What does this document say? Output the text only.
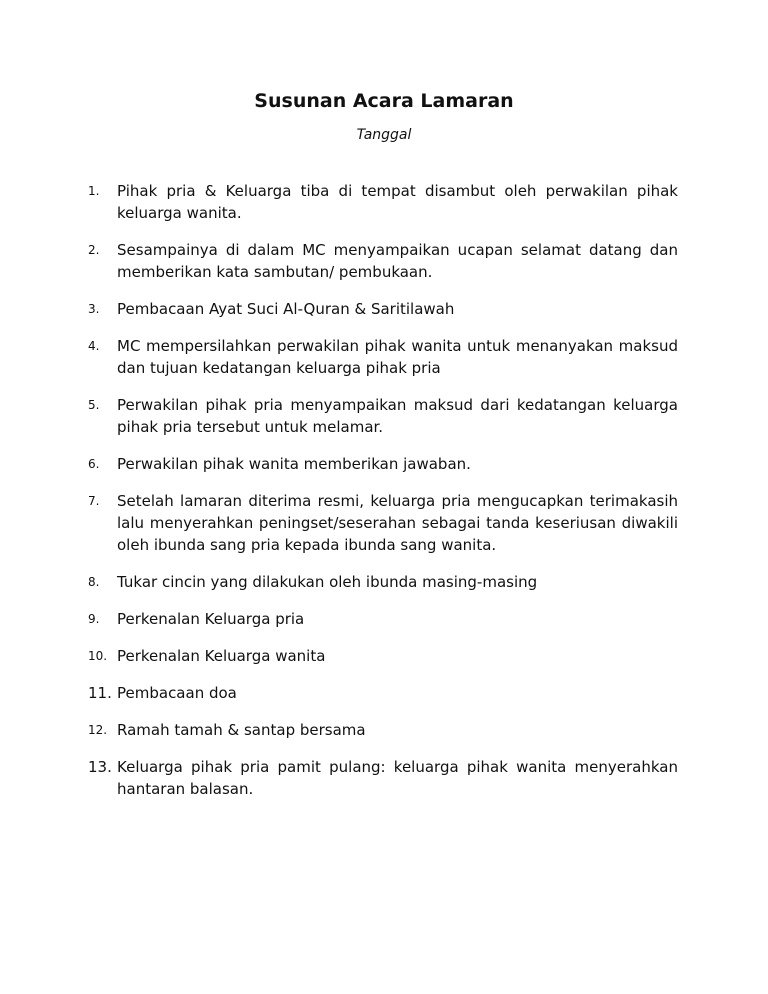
Susunan Acara Lamaran
Tanggal
1. Pihak pria & Keluarga tiba di tempat disambut oleh perwakilan pihak keluarga wanita.
2. Sesampainya di dalam MC menyampaikan ucapan selamat datang dan memberikan kata sambutan/ pembukaan.
3. Pembacaan Ayat Suci Al-Quran & Saritilawah
4. MC mempersilahkan perwakilan pihak wanita untuk menanyakan maksud dan tujuan kedatangan keluarga pihak pria
5. Perwakilan pihak pria menyampaikan maksud dari kedatangan keluarga pihak pria tersebut untuk melamar.
6. Perwakilan pihak wanita memberikan jawaban.
7. Setelah lamaran diterima resmi, keluarga pria mengucapkan terimakasih lalu menyerahkan peningset/seserahan sebagai tanda keseriusan diwakili oleh ibunda sang pria kepada ibunda sang wanita.
8. Tukar cincin yang dilakukan oleh ibunda masing-masing
9. Perkenalan Keluarga pria
10. Perkenalan Keluarga wanita
11. Pembacaan doa
12. Ramah tamah & santap bersama
13. Keluarga pihak pria pamit pulang: keluarga pihak wanita menyerahkan hantaran balasan.
